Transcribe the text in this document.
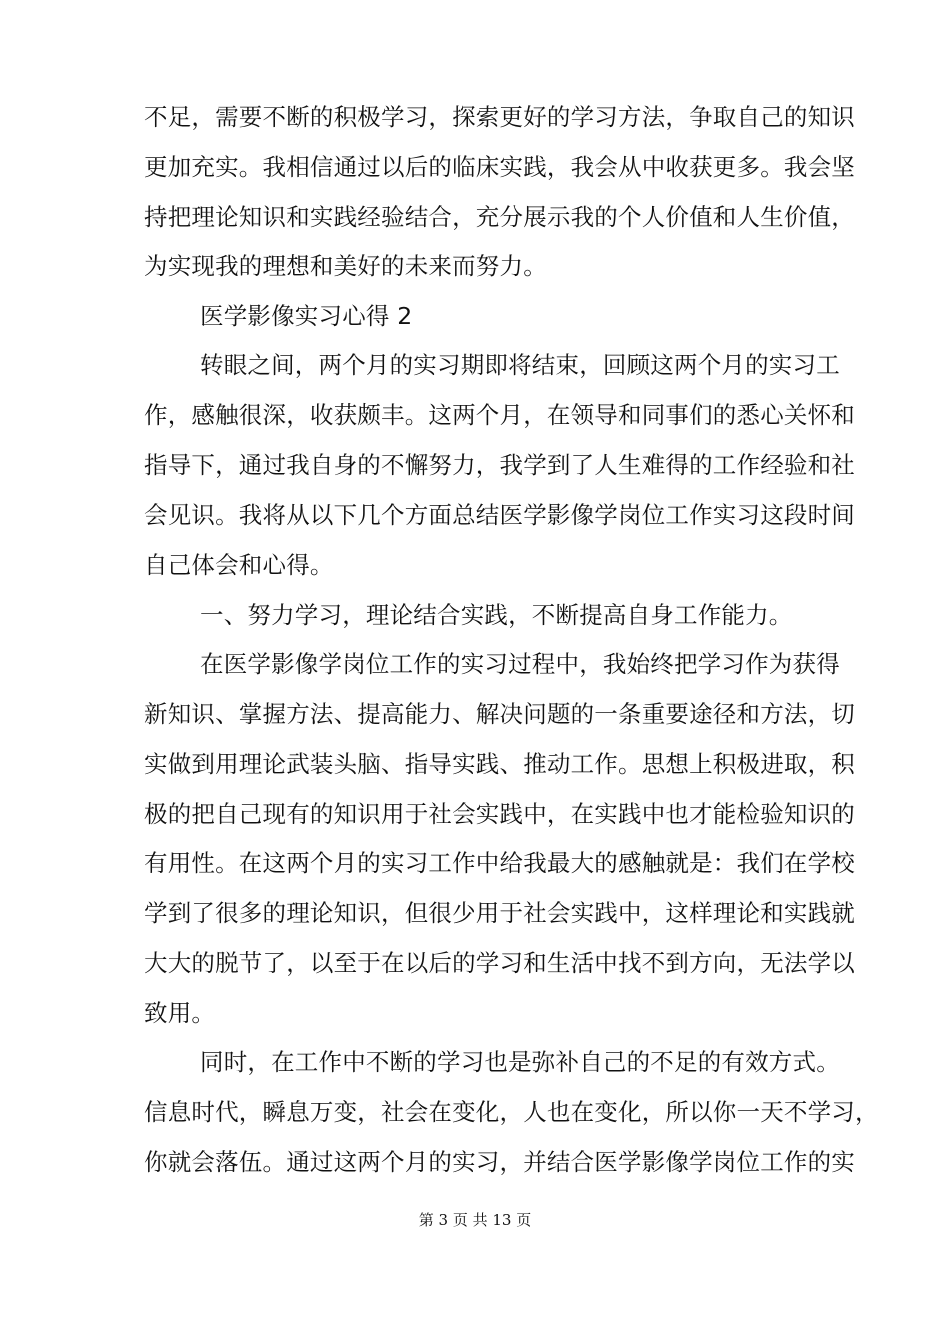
不足，需要不断的积极学习，探索更好的学习方法，争取自己的知识
更加充实。我相信通过以后的临床实践，我会从中收获更多。我会坚
持把理论知识和实践经验结合，充分展示我的个人价值和人生价值，
为实现我的理想和美好的未来而努力。
医学影像实习心得 2
转眼之间，两个月的实习期即将结束，回顾这两个月的实习工
作，感触很深，收获颇丰。这两个月，在领导和同事们的悉心关怀和
指导下，通过我自身的不懈努力，我学到了人生难得的工作经验和社
会见识。我将从以下几个方面总结医学影像学岗位工作实习这段时间
自己体会和心得。
一、努力学习，理论结合实践，不断提高自身工作能力。
在医学影像学岗位工作的实习过程中，我始终把学习作为获得
新知识、掌握方法、提高能力、解决问题的一条重要途径和方法，切
实做到用理论武装头脑、指导实践、推动工作。思想上积极进取，积
极的把自己现有的知识用于社会实践中，在实践中也才能检验知识的
有用性。在这两个月的实习工作中给我最大的感触就是：我们在学校
学到了很多的理论知识，但很少用于社会实践中，这样理论和实践就
大大的脱节了，以至于在以后的学习和生活中找不到方向，无法学以
致用。
同时，在工作中不断的学习也是弥补自己的不足的有效方式。
信息时代，瞬息万变，社会在变化，人也在变化，所以你一天不学习，
你就会落伍。通过这两个月的实习，并结合医学影像学岗位工作的实
第 3 页 共 13 页
